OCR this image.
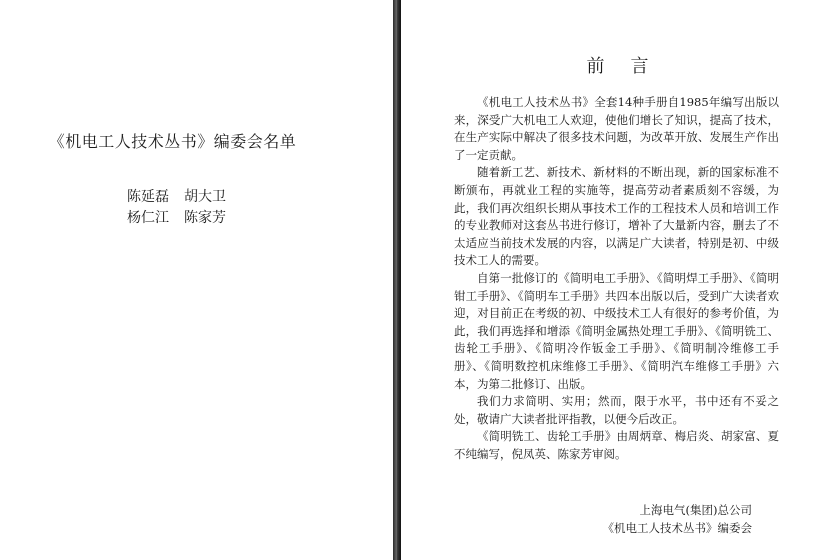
《机电工人技术丛书》编委会名单
陈延磊 胡大卫
杨仁江 陈家芳
前言

《机电工人技术丛书》全套14种手册自1985年编写出版以来，深受广大机电工人欢迎，使他们增长了知识，提高了技术，在生产实际中解决了很多技术问题，为改革开放、发展生产作出了一定贡献。

随着新工艺、新技术、新材料的不断出现，新的国家标准不断颁布，再就业工程的实施等，提高劳动者素质刻不容缓，为此，我们再次组织长期从事技术工作的工程技术人员和培训工作的专业教师对这套丛书进行修订，增补了大量新内容，删去了不太适应当前技术发展的内容，以满足广大读者，特别是初、中级技术工人的需要。

自第一批修订的《简明电工手册》、《简明焊工手册》、《简明钳工手册》、《简明车工手册》共四本出版以后，受到广大读者欢迎，对目前正在考级的初、中级技术工人有很好的参考价值，为此，我们再选择和增添《简明金属热处理工手册》、《简明铣工、齿轮工手册》、《简明冷作钣金工手册》、《简明制冷维修工手册》、《简明数控机床维修工手册》、《简明汽车维修工手册》六本，为第二批修订、出版。

我们力求简明、实用；然而，限于水平，书中还有不妥之处，敬请广大读者批评指教，以便今后改正。

《简明铣工、齿轮工手册》由周炳章、梅启炎、胡家富、夏不纯编写，倪凤英、陈家芳审阅。

上海电气(集团)总公司
《机电工人技术丛书》编委会
